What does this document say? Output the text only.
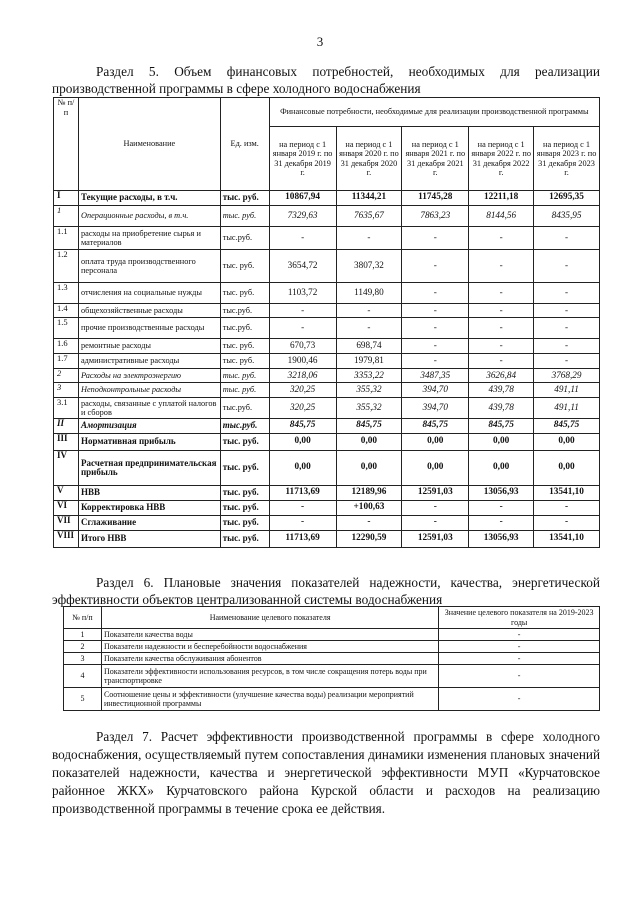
3
Раздел 5. Объем финансовых потребностей, необходимых для реализации производственной программы в сфере холодного водоснабжения
№ п/п	Наименование	Ед. изм.	Финансовые потребности, необходимые для реализации производственной программы				
			на период с 1 января 2019 г. по 31 декабря 2019 г.	на период с 1 января 2020 г. по 31 декабря 2020 г.	на период с 1 января 2021 г. по 31 декабря 2021 г.	на период с 1 января 2022 г. по 31 декабря 2022 г.	на период с 1 января 2023 г. по 31 декабря 2023 г.
I	Текущие расходы, в т.ч.	тыс. руб.	10867,94	11344,21	11745,28	12211,18	12695,35
1	Операционные расходы, в т.ч.	тыс. руб.	7329,63	7635,67	7863,23	8144,56	8435,95
1.1	расходы на приобретение сырья и материалов	тыс.руб.	-	-	-	-	-
1.2	оплата труда производственного персонала	тыс. руб.	3654,72	3807,32	-	-	-
1.3	отчисления на социальные нужды	тыс. руб.	1103,72	1149,80	-	-	-
1.4	общехозяйственные расходы	тыс.руб.	-	-	-	-	-
1.5	прочие производственные расходы	тыс.руб.	-	-	-	-	-
1.6	ремонтные расходы	тыс. руб.	670,73	698,74	-	-	-
1.7	административные расходы	тыс. руб.	1900,46	1979,81	-	-	-
2	Расходы на электроэнергию	тыс. руб.	3218,06	3353,22	3487,35	3626,84	3768,29
3	Неподконтрольные расходы	тыс. руб.	320,25	355,32	394,70	439,78	491,11
3.1	расходы, связанные с уплатой налогов и сборов	тыс.руб.	320,25	355,32	394,70	439,78	491,11
II	Амортизация	тыс.руб.	845,75	845,75	845,75	845,75	845,75
III	Нормативная прибыль	тыс. руб.	0,00	0,00	0,00	0,00	0,00
IV	Расчетная предпринимательская прибыль	тыс. руб.	0,00	0,00	0,00	0,00	0,00
V	НВВ	тыс. руб.	11713,69	12189,96	12591,03	13056,93	13541,10
VI	Корректировка НВВ	тыс. руб.	-	+100,63	-	-	-
VII	Сглаживание	тыс. руб.	-	-	-	-	-
VIII	Итого НВВ	тыс. руб.	11713,69	12290,59	12591,03	13056,93	13541,10
Раздел 6. Плановые значения показателей надежности, качества, энергетической эффективности объектов централизованной системы водоснабжения
№ п/п	Наименование целевого показателя	Значение целевого показателя на 2019-2023 годы
1	Показатели качества воды	-
2	Показатели надежности и бесперебойности водоснабжения	-
3	Показатели качества обслуживания абонентов	-
4	Показатели эффективности использования ресурсов, в том числе сокращения потерь воды при транспортировке	-
5	Соотношение цены и эффективности (улучшение качества воды) реализации мероприятий инвестиционной программы	-
Раздел 7. Расчет эффективности производственной программы в сфере холодного водоснабжения, осуществляемый путем сопоставления динамики изменения плановых значений показателей надежности, качества и энергетической эффективности МУП «Курчатовское районное ЖКХ» Курчатовского района Курской области и расходов на реализацию производственной программы в течение срока ее действия.
